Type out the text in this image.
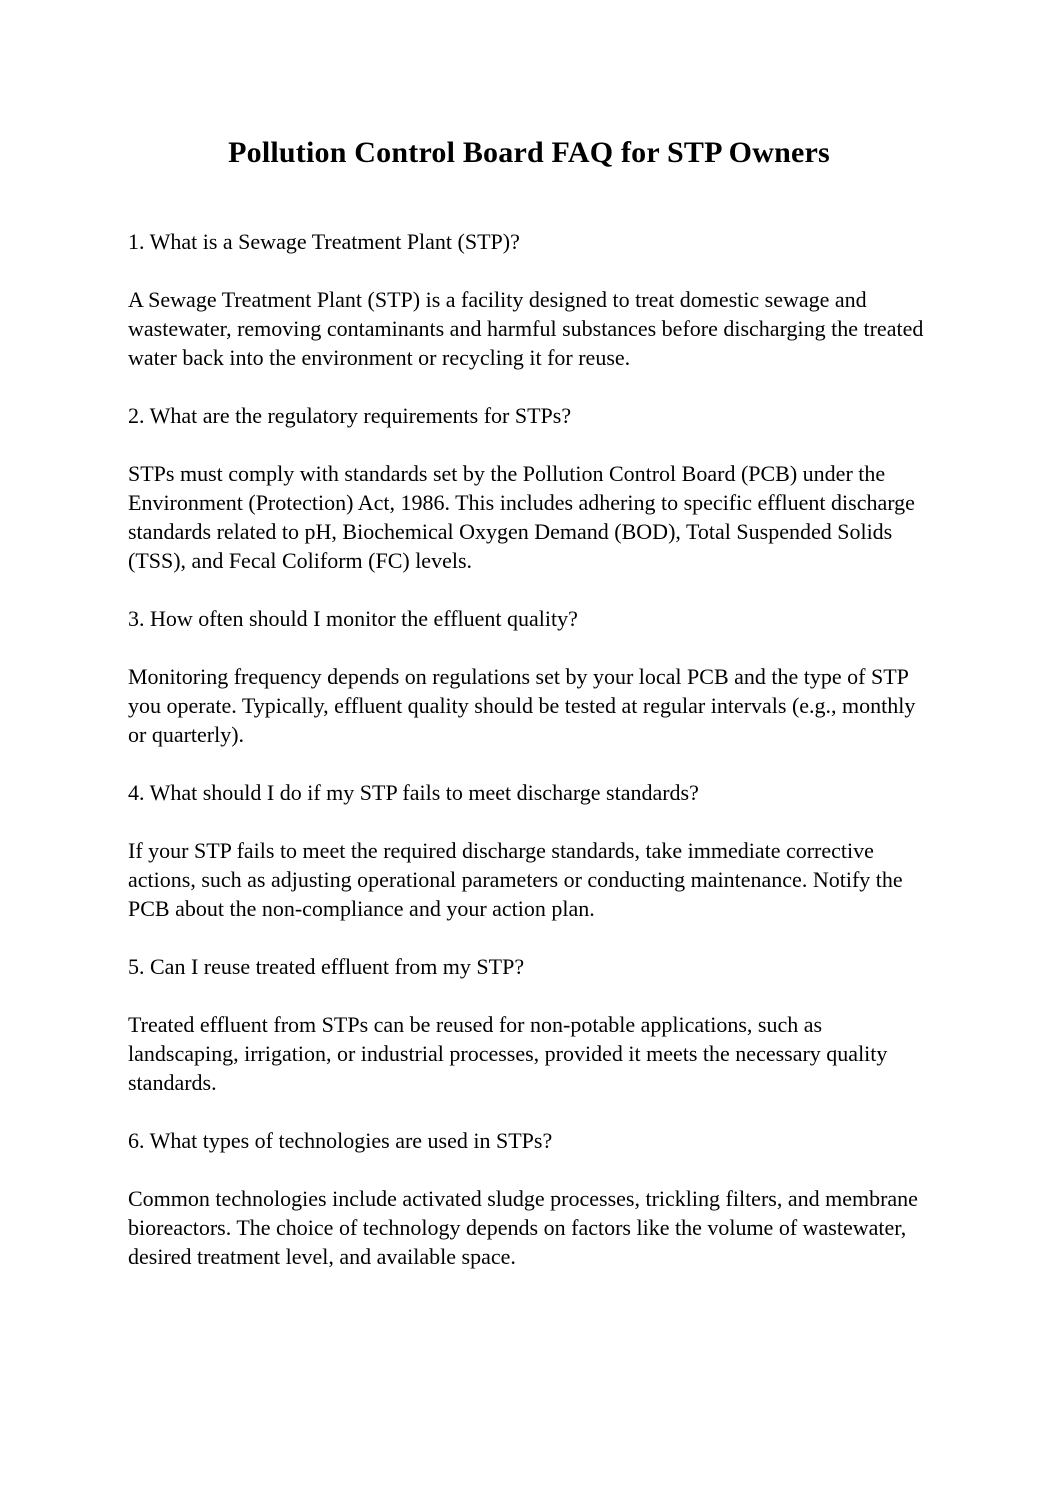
Pollution Control Board FAQ for STP Owners

1. What is a Sewage Treatment Plant (STP)?

A Sewage Treatment Plant (STP) is a facility designed to treat domestic sewage and wastewater, removing contaminants and harmful substances before discharging the treated water back into the environment or recycling it for reuse.

2. What are the regulatory requirements for STPs?

STPs must comply with standards set by the Pollution Control Board (PCB) under the Environment (Protection) Act, 1986. This includes adhering to specific effluent discharge standards related to pH, Biochemical Oxygen Demand (BOD), Total Suspended Solids (TSS), and Fecal Coliform (FC) levels.

3. How often should I monitor the effluent quality?

Monitoring frequency depends on regulations set by your local PCB and the type of STP you operate. Typically, effluent quality should be tested at regular intervals (e.g., monthly or quarterly).

4. What should I do if my STP fails to meet discharge standards?

If your STP fails to meet the required discharge standards, take immediate corrective actions, such as adjusting operational parameters or conducting maintenance. Notify the PCB about the non-compliance and your action plan.

5. Can I reuse treated effluent from my STP?

Treated effluent from STPs can be reused for non-potable applications, such as landscaping, irrigation, or industrial processes, provided it meets the necessary quality standards.

6. What types of technologies are used in STPs?

Common technologies include activated sludge processes, trickling filters, and membrane bioreactors. The choice of technology depends on factors like the volume of wastewater, desired treatment level, and available space.
